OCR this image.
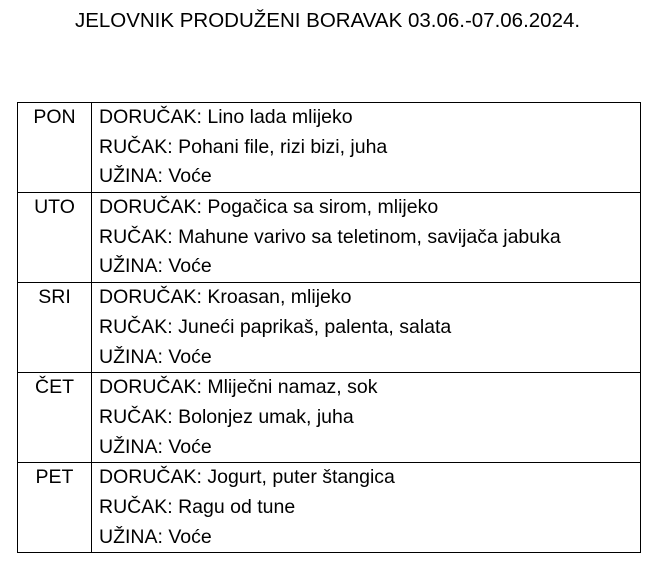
JELOVNIK PRODUŽENI BORAVAK 03.06.-07.06.2024.
PON	DORUČAK: Lino lada mlijeko
RUČAK: Pohani file, rizi bizi, juha
UŽINA: Voće

UTO	DORUČAK: Pogačica sa sirom, mlijeko
RUČAK: Mahune varivo sa teletinom, savijača jabuka
UŽINA: Voće

SRI	DORUČAK: Kroasan, mlijeko
RUČAK: Juneći paprikaš, palenta, salata
UŽINA: Voće

ČET	DORUČAK: Mliječni namaz, sok
RUČAK: Bolonjez umak, juha
UŽINA: Voće

PET	DORUČAK: Jogurt, puter štangica
RUČAK: Ragu od tune
UŽINA: Voće
